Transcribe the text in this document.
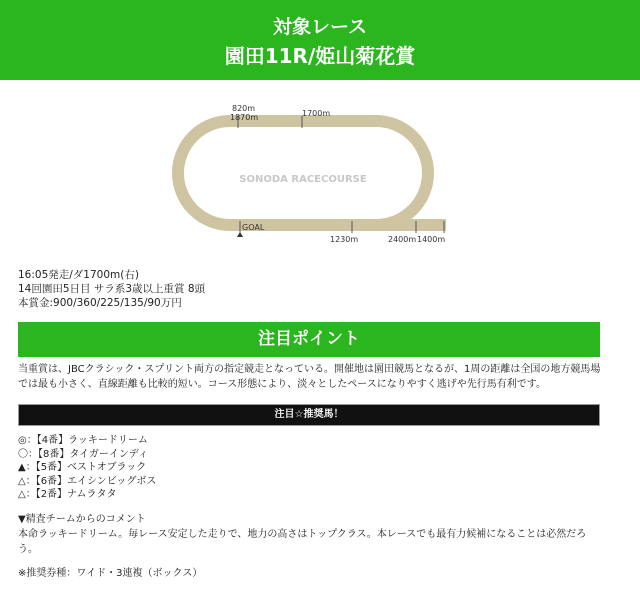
対象レース
園田11R/姫山菊花賞
SONODA RACECOURSE
820m
1870m	1700m
GOAL
1230m	2400m 1400m
16:05発走/ダ1700m(右)
14回園田5日目 サラ系3歳以上重賞 8頭
本賞金:900/360/225/135/90万円
注目ポイント
当重賞は、JBCクラシック・スプリント両方の指定競走となっている。開催地は園田競馬となるが、1周の距離は全国の地方競馬場では最も小さく、直線距離も比較的短い。コース形態により、淡々としたペースになりやすく逃げや先行馬有利です。
注目☆推奨馬！
◎：【4番】ラッキードリーム
〇：【8番】タイガーインディ
▲：【5番】ベストオブラック
△：【6番】エイシンビッグボス
△：【2番】ナムラタタ
▼精査チームからのコメント
本命ラッキードリーム。毎レース安定した走りで、地力の高さはトップクラス。本レースでも最有力候補になることは必然だろう。
※推奨券種：ワイド・3連複（ボックス）
